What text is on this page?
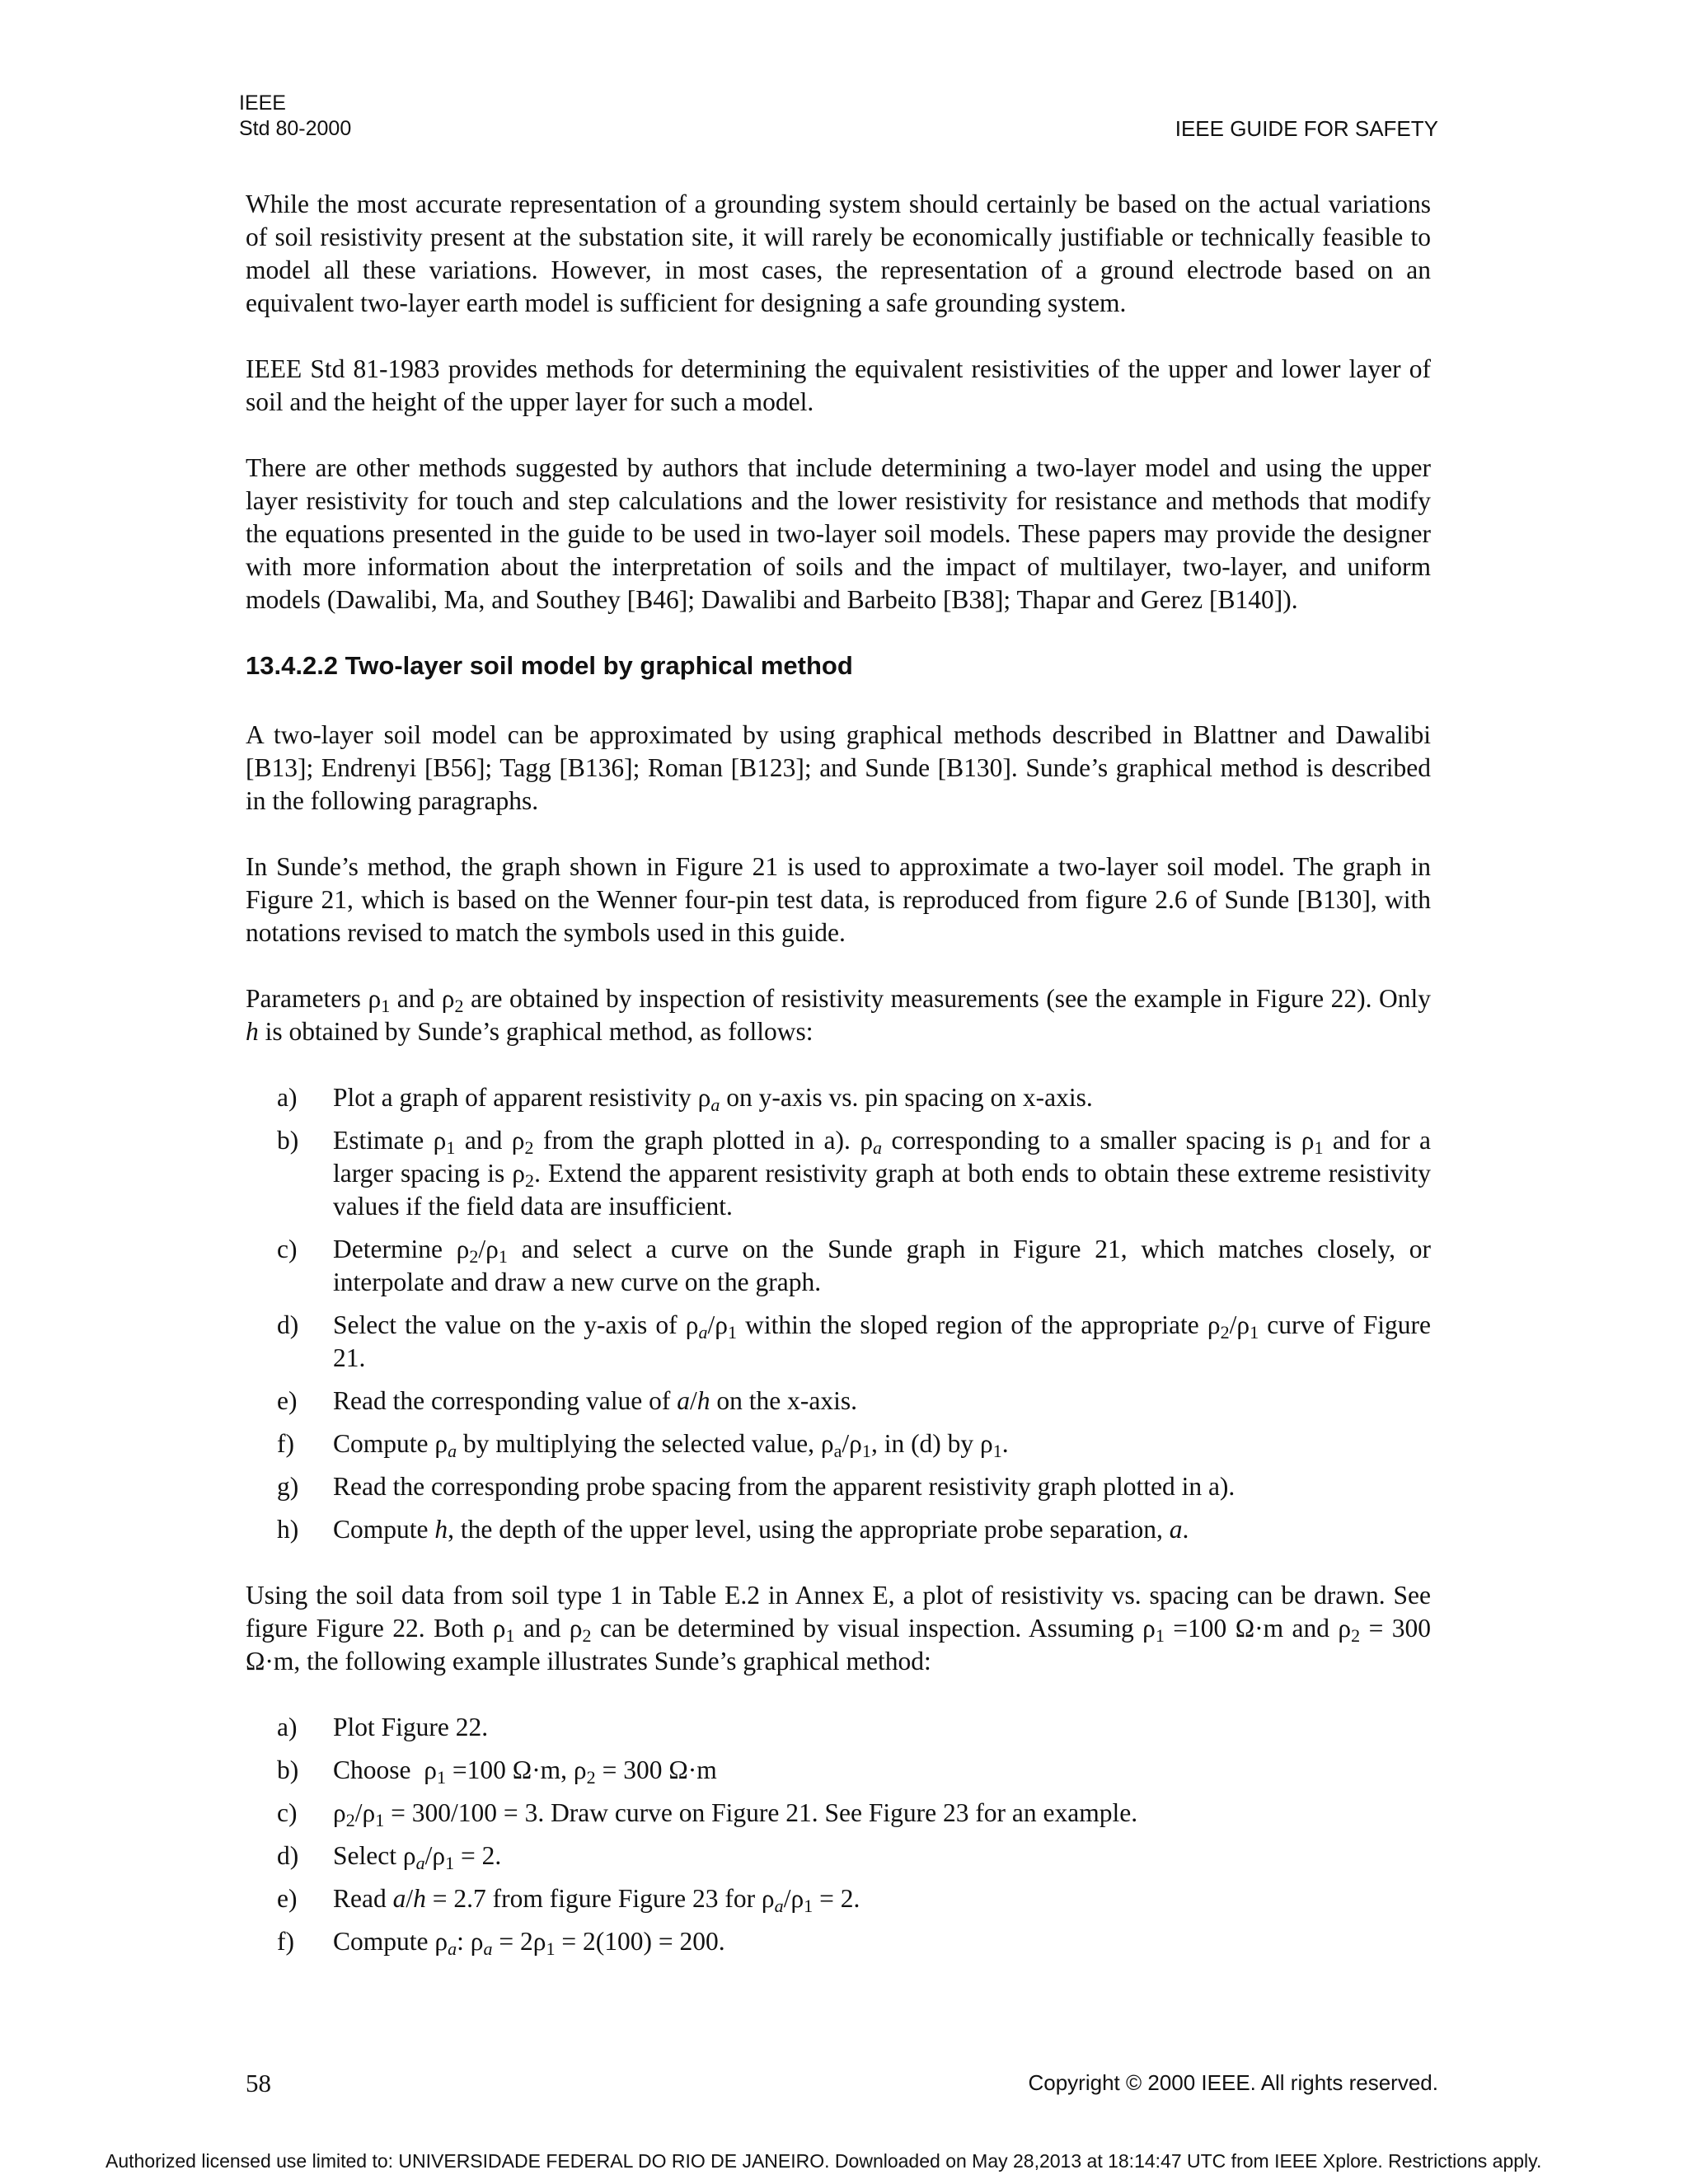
IEEE
Std 80-2000	IEEE GUIDE FOR SAFETY

While the most accurate representation of a grounding system should certainly be based on the actual variations of soil resistivity present at the substation site, it will rarely be economically justifiable or technically feasible to model all these variations. However, in most cases, the representation of a ground electrode based on an equivalent two-layer earth model is sufficient for designing a safe grounding system.

IEEE Std 81-1983 provides methods for determining the equivalent resistivities of the upper and lower layer of soil and the height of the upper layer for such a model.

There are other methods suggested by authors that include determining a two-layer model and using the upper layer resistivity for touch and step calculations and the lower resistivity for resistance and methods that modify the equations presented in the guide to be used in two-layer soil models. These papers may provide the designer with more information about the interpretation of soils and the impact of multilayer, two-layer, and uniform models (Dawalibi, Ma, and Southey [B46]; Dawalibi and Barbeito [B38]; Thapar and Gerez [B140]).

13.4.2.2 Two-layer soil model by graphical method

A two-layer soil model can be approximated by using graphical methods described in Blattner and Dawalibi [B13]; Endrenyi [B56]; Tagg [B136]; Roman [B123]; and Sunde [B130]. Sunde’s graphical method is described in the following paragraphs.

In Sunde’s method, the graph shown in Figure 21 is used to approximate a two-layer soil model. The graph in Figure 21, which is based on the Wenner four-pin test data, is reproduced from figure 2.6 of Sunde [B130], with notations revised to match the symbols used in this guide.

Parameters $\rho_1$ and $\rho_2$ are obtained by inspection of resistivity measurements (see the example in Figure 22). Only h is obtained by Sunde’s graphical method, as follows:

a)	Plot a graph of apparent resistivity $\rho_a$ on y-axis vs. pin spacing on x-axis.
b)	Estimate $\rho_1$ and $\rho_2$ from the graph plotted in a). $\rho_a$ corresponding to a smaller spacing is $\rho_1$ and for a larger spacing is $\rho_2$. Extend the apparent resistivity graph at both ends to obtain these extreme resistivity values if the field data are insufficient.
c)	Determine $\rho_2/\rho_1$ and select a curve on the Sunde graph in Figure 21, which matches closely, or interpolate and draw a new curve on the graph.
d)	Select the value on the y-axis of $\rho_a/\rho_1$ within the sloped region of the appropriate $\rho_2/\rho_1$ curve of Figure 21.
e)	Read the corresponding value of a/h on the x-axis.
f)	Compute $\rho_a$ by multiplying the selected value, $\rho_a/\rho_1$, in (d) by $\rho_1$.
g)	Read the corresponding probe spacing from the apparent resistivity graph plotted in a).
h)	Compute h, the depth of the upper level, using the appropriate probe separation, a.

Using the soil data from soil type 1 in Table E.2 in Annex E, a plot of resistivity vs. spacing can be drawn. See figure Figure 22. Both $\rho_1$ and $\rho_2$ can be determined by visual inspection. Assuming $\rho_1 =100$ Ω·m and $\rho_2 = 300$ Ω·m, the following example illustrates Sunde’s graphical method:

a)	Plot Figure 22.
b)	Choose  $\rho_1 =100$ Ω·m, $\rho_2 = 300$ Ω·m
c)	$\rho_2/\rho_1 = 300/100 = 3$. Draw curve on Figure 21. See Figure 23 for an example.
d)	Select $\rho_a/\rho_1 = 2$.
e)	Read a/h = 2.7 from figure Figure 23 for $\rho_a/\rho_1 = 2$.
f)	Compute $\rho_a$: $\rho_a = 2\rho_1 = 2(100) = 200$.
58	Copyright © 2000 IEEE. All rights reserved.
Authorized licensed use limited to: UNIVERSIDADE FEDERAL DO RIO DE JANEIRO. Downloaded on May 28,2013 at 18:14:47 UTC from IEEE Xplore. Restrictions apply.
